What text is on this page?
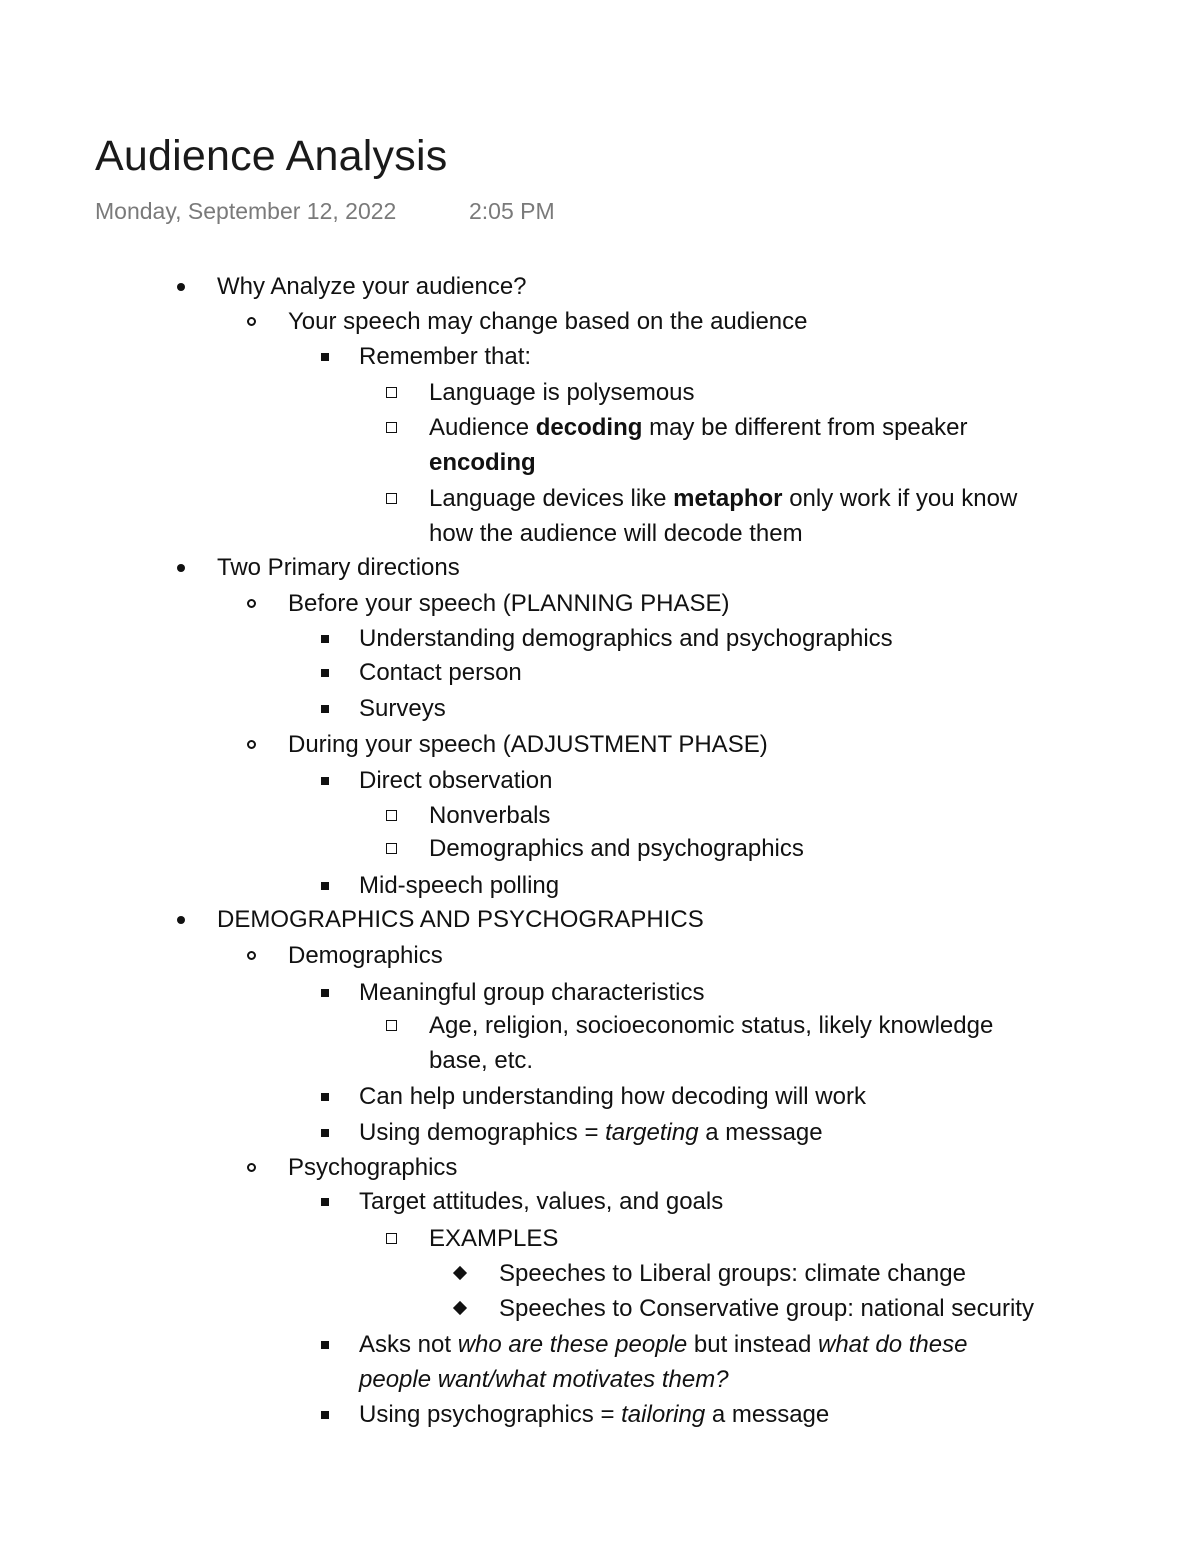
Audience Analysis
Monday, September 12, 2022	2:05 PM
Why Analyze your audience?
Your speech may change based on the audience
Remember that:
Language is polysemous
Audience decoding may be different from speaker
encoding
Language devices like metaphor only work if you know
how the audience will decode them
Two Primary directions
Before your speech (PLANNING PHASE)
Understanding demographics and psychographics
Contact person
Surveys
During your speech (ADJUSTMENT PHASE)
Direct observation
Nonverbals
Demographics and psychographics
Mid-speech polling
DEMOGRAPHICS AND PSYCHOGRAPHICS
Demographics
Meaningful group characteristics
Age, religion, socioeconomic status, likely knowledge
base, etc.
Can help understanding how decoding will work
Using demographics = targeting a message
Psychographics
Target attitudes, values, and goals
EXAMPLES
Speeches to Liberal groups: climate change
Speeches to Conservative group: national security
Asks not who are these people but instead what do these
people want/what motivates them?
Using psychographics = tailoring a message
